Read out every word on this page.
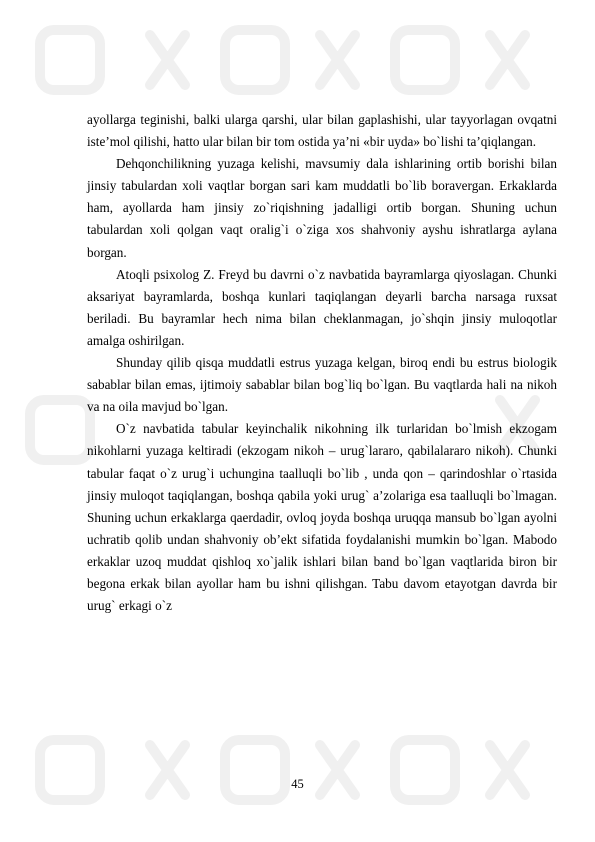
ayollarga teginishi, balki ularga qarshi, ular bilan gaplashishi, ular tayyorlagan ovqatni iste’mol qilishi, hatto ular bilan bir tom ostida ya’ni «bir uyda» bo`lishi ta’qiqlangan.

Dehqonchilikning yuzaga kelishi, mavsumiy dala ishlarining ortib borishi bilan jinsiy tabulardan xoli vaqtlar borgan sari kam muddatli bo`lib boravergan. Erkaklarda ham, ayollarda ham jinsiy zo`riqishning jadalligi ortib borgan. Shuning uchun tabulardan xoli qolgan vaqt oralig`i o`ziga xos shahvoniy ayshu ishratlarga aylana borgan.

Atoqli psixolog Z. Freyd bu davrni o`z navbatida bayramlarga qiyoslagan. Chunki aksariyat bayramlarda, boshqa kunlari taqiqlangan deyarli barcha narsaga ruxsat beriladi. Bu bayramlar hech nima bilan cheklanmagan, jo`shqin jinsiy muloqotlar amalga oshirilgan.

Shunday qilib qisqa muddatli estrus yuzaga kelgan, biroq endi bu estrus biologik sabablar bilan emas, ijtimoiy sabablar bilan bog`liq bo`lgan. Bu vaqtlarda hali na nikoh va na oila mavjud bo`lgan.

O`z navbatida tabular keyinchalik nikohning ilk turlaridan bo`lmish ekzogam nikohlarni yuzaga keltiradi (ekzogam nikoh – urug`lararo, qabilalararo nikoh). Chunki tabular faqat o`z urug`i uchungina taalluqli bo`lib , unda qon – qarindoshlar o`rtasida jinsiy muloqot taqiqlangan, boshqa qabila yoki urug` a’zolariga esa taalluqli bo`lmagan. Shuning uchun erkaklarga qaerdadir, ovloq joyda boshqa uruqqa mansub bo`lgan ayolni uchratib qolib undan shahvoniy ob’ekt sifatida foydalanishi mumkin bo`lgan. Mabodo erkaklar uzoq muddat qishloq xo`jalik ishlari bilan band bo`lgan vaqtlarida biron bir begona erkak bilan ayollar ham bu ishni qilishgan. Tabu davom etayotgan davrda bir urug` erkagi o`z

45
